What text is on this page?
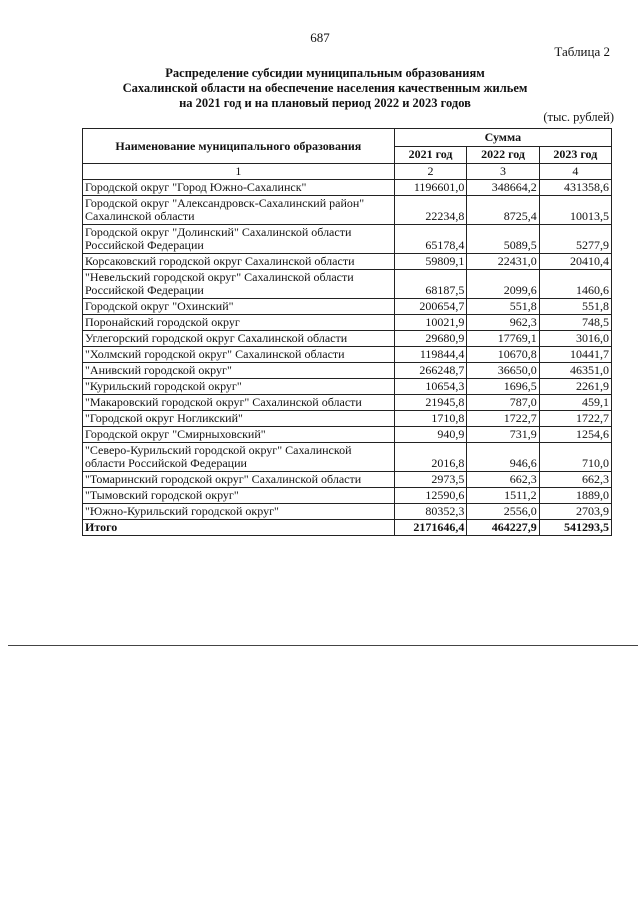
687
Таблица 2
Распределение субсидии муниципальным образованиям
Сахалинской области на обеспечение населения качественным жильем
на 2021 год и на плановый период 2022 и 2023 годов
(тыс. рублей)
Наименование муниципального образования	Сумма		
	2021 год	2022 год	2023 год
1	2	3	4
Городской округ "Город Южно-Сахалинск"	1196601,0	348664,2	431358,6
Городской округ "Александровск-Сахалинский район" Сахалинской области	22234,8	8725,4	10013,5
Городской округ "Долинский" Сахалинской области Российской Федерации	65178,4	5089,5	5277,9
Корсаковский городской округ Сахалинской области	59809,1	22431,0	20410,4
"Невельский городской округ" Сахалинской области Российской Федерации	68187,5	2099,6	1460,6
Городской округ "Охинский"	200654,7	551,8	551,8
Поронайский городской округ	10021,9	962,3	748,5
Углегорский городской округ Сахалинской области	29680,9	17769,1	3016,0
"Холмский городской округ" Сахалинской области	119844,4	10670,8	10441,7
"Анивский городской округ"	266248,7	36650,0	46351,0
"Курильский городской округ"	10654,3	1696,5	2261,9
"Макаровский городской округ" Сахалинской области	21945,8	787,0	459,1
"Городской округ Ногликский"	1710,8	1722,7	1722,7
Городской округ "Смирныховский"	940,9	731,9	1254,6
"Северо-Курильский городской округ" Сахалинской области Российской Федерации	2016,8	946,6	710,0
"Томаринский городской округ" Сахалинской области	2973,5	662,3	662,3
"Тымовский городской округ"	12590,6	1511,2	1889,0
"Южно-Курильский городской округ"	80352,3	2556,0	2703,9
Итого	2171646,4	464227,9	541293,5
